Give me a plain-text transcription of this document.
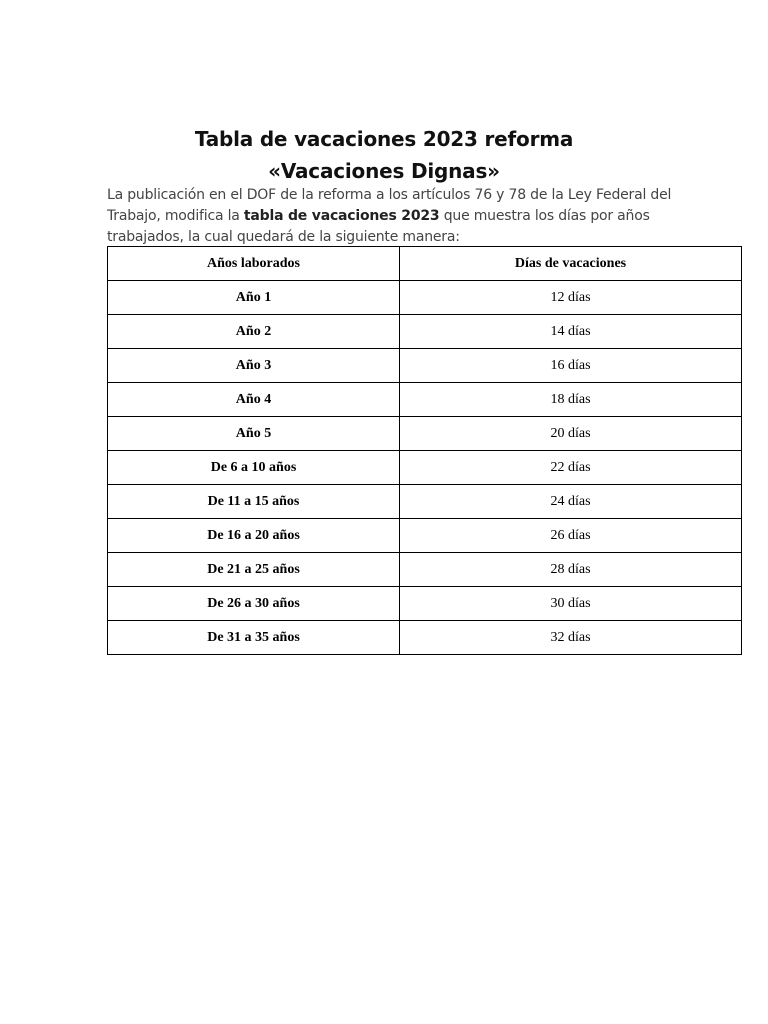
Tabla de vacaciones 2023 reforma
«Vacaciones Dignas»
La publicación en el DOF de la reforma a los artículos 76 y 78 de la Ley Federal del
Trabajo, modifica la tabla de vacaciones 2023 que muestra los días por años
trabajados, la cual quedará de la siguiente manera:
Años laborados	Días de vacaciones
Año 1	12 días
Año 2	14 días
Año 3	16 días
Año 4	18 días
Año 5	20 días
De 6 a 10 años	22 días
De 11 a 15 años	24 días
De 16 a 20 años	26 días
De 21 a 25 años	28 días
De 26 a 30 años	30 días
De 31 a 35 años	32 días
